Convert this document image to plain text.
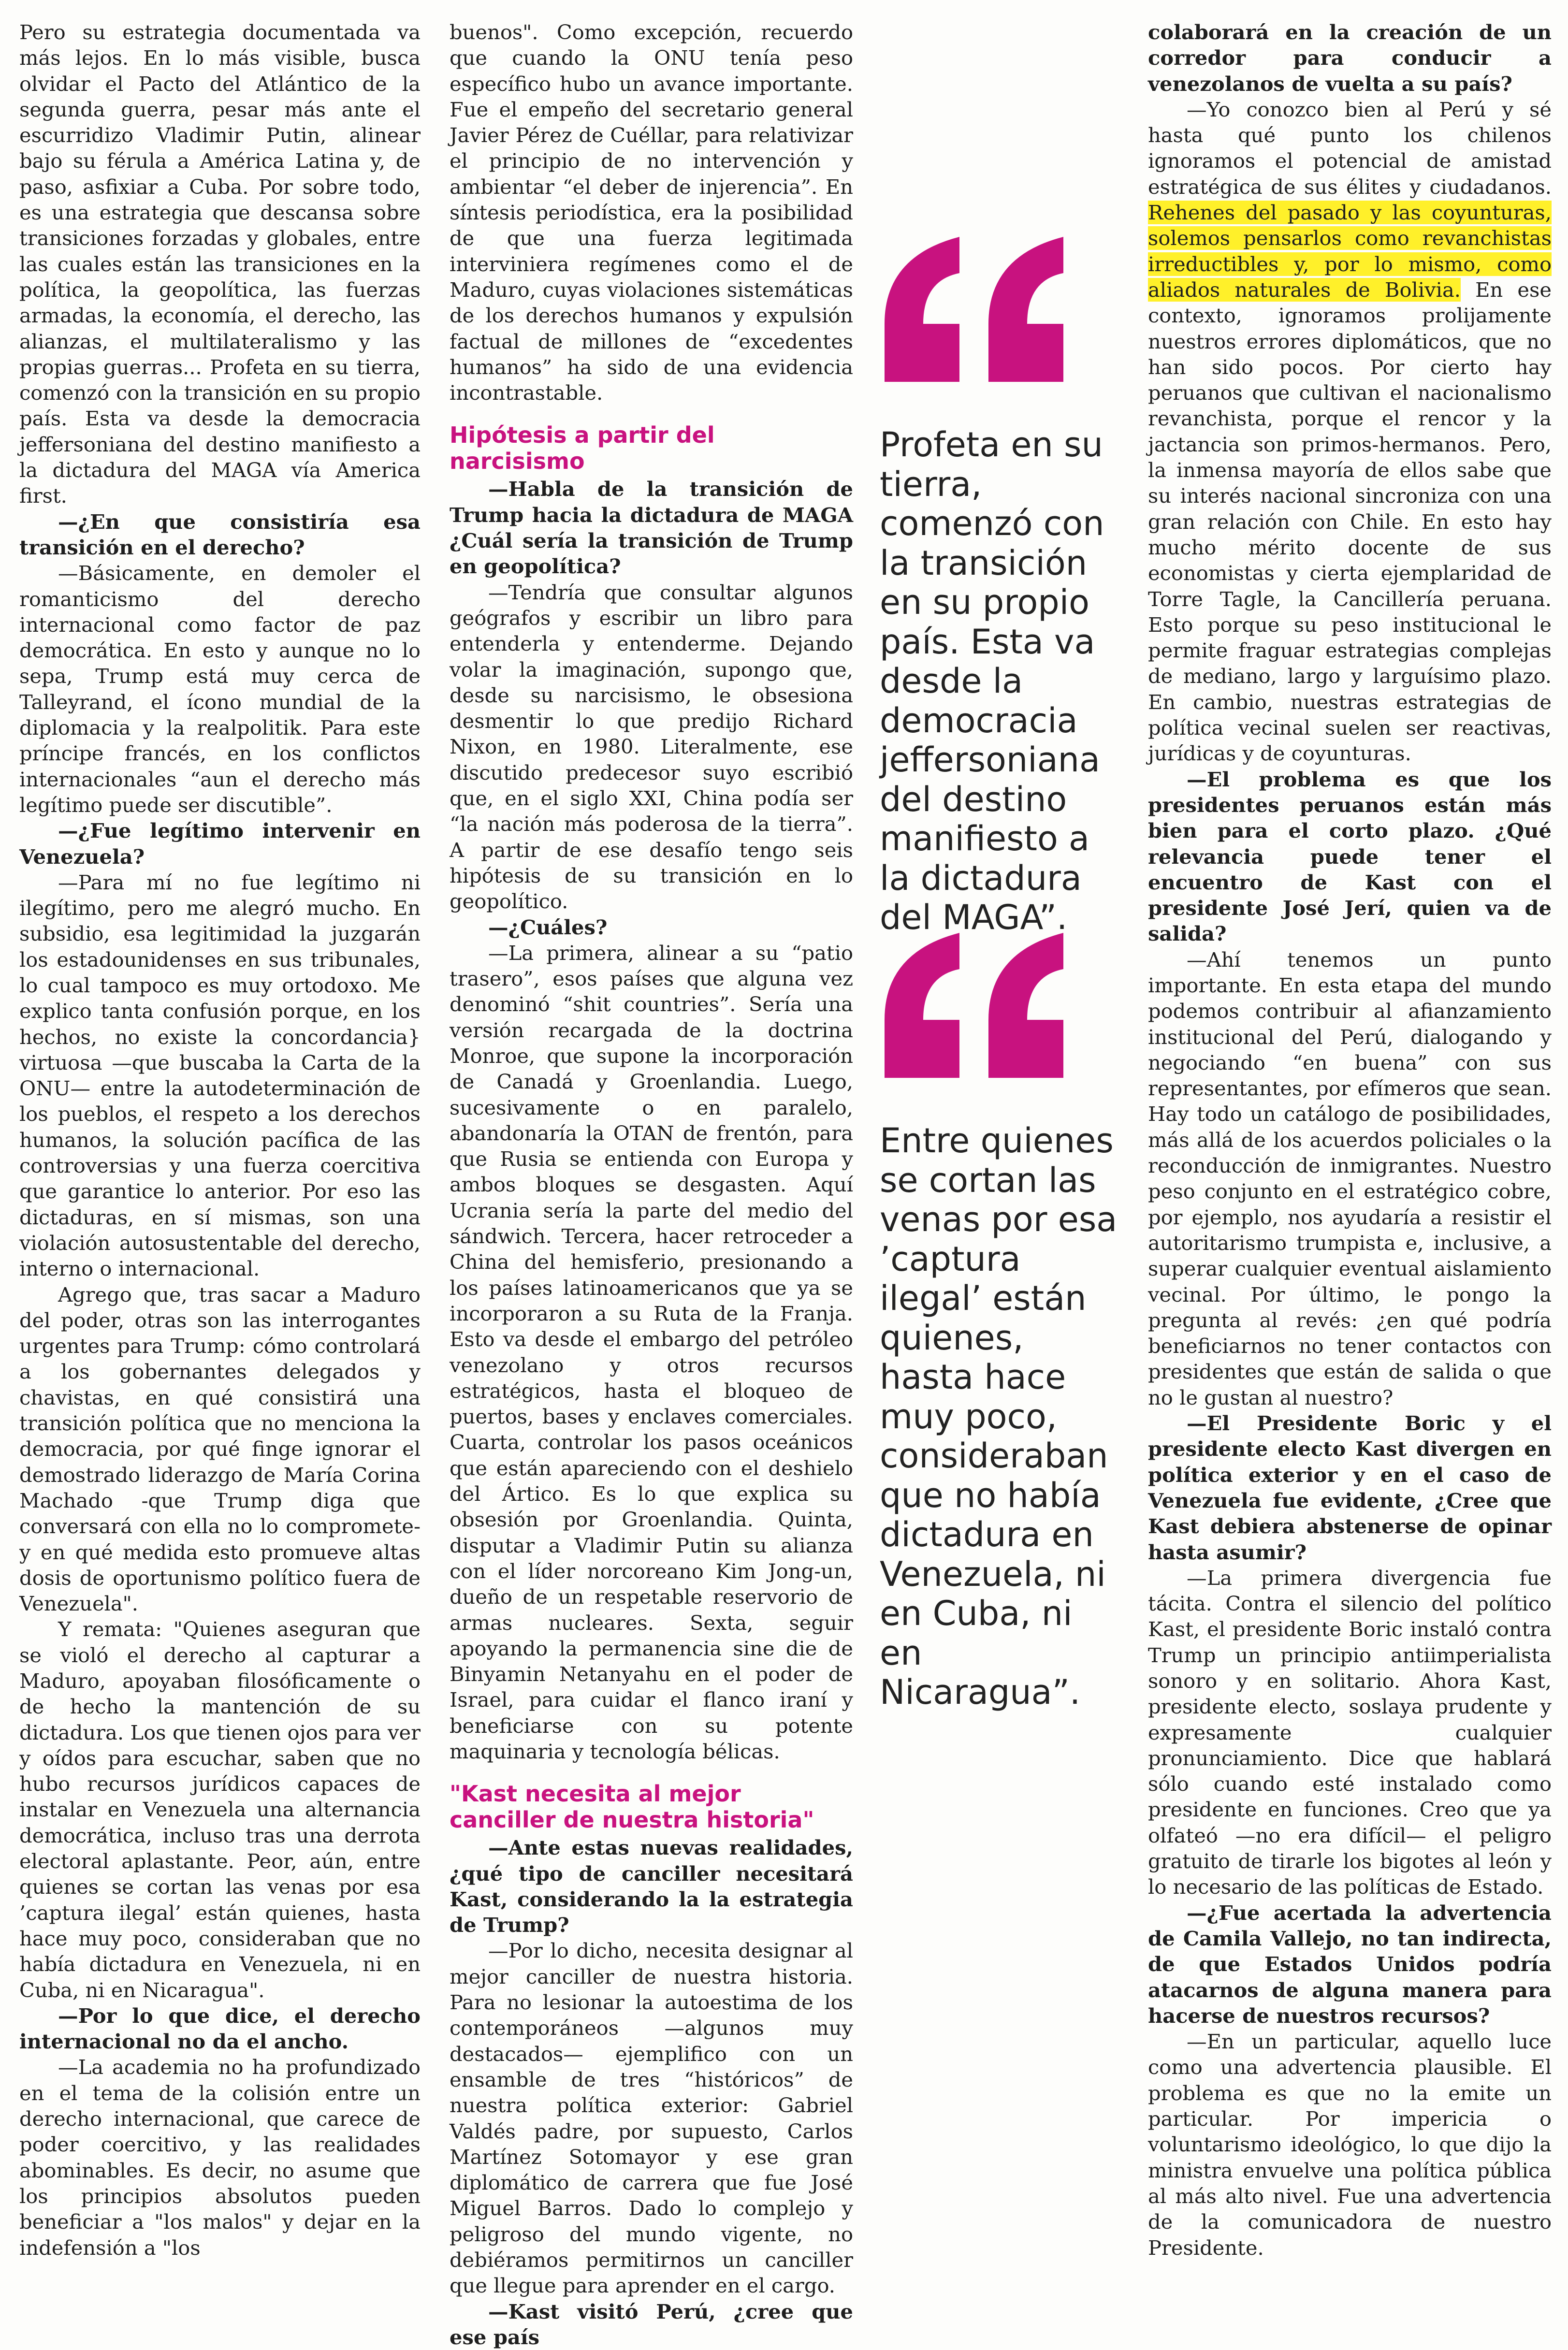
Pero su estrategia documentada va más lejos. En lo más visible, busca olvidar el Pacto del Atlántico de la segunda guerra, pesar más ante el escurridizo Vladimir Putin, alinear bajo su férula a América Latina y, de paso, asfixiar a Cuba. Por sobre todo, es una estrategia que descansa sobre transiciones forzadas y globales, entre las cuales están las transiciones en la política, la geopolítica, las fuerzas armadas, la economía, el derecho, las alianzas, el multilateralismo y las propias guerras... Profeta en su tierra, comenzó con la transición en su propio país. Esta va desde la democracia jeffersoniana del destino manifiesto a la dictadura del MAGA vía America first.

—¿En que consistiría esa transición en el derecho?

—Básicamente, en demoler el romanticismo del derecho internacional como factor de paz democrática. En esto y aunque no lo sepa, Trump está muy cerca de Talleyrand, el ícono mundial de la diplomacia y la realpolitik. Para este príncipe francés, en los conflictos internacionales “aun el derecho más legítimo puede ser discutible”.

—¿Fue legítimo intervenir en Venezuela?

—Para mí no fue legítimo ni ilegítimo, pero me alegró mucho. En subsidio, esa legitimidad la juzgarán los estadounidenses en sus tribunales, lo cual tampoco es muy ortodoxo. Me explico tanta confusión porque, en los hechos, no existe la concordancia} virtuosa —que buscaba la Carta de la ONU— entre la autodeterminación de los pueblos, el respeto a los derechos humanos, la solución pacífica de las controversias y una fuerza coercitiva que garantice lo anterior. Por eso las dictaduras, en sí mismas, son una violación autosustentable del derecho, interno o internacional.

Agrego que, tras sacar a Maduro del poder, otras son las interrogantes urgentes para Trump: cómo controlará a los gobernantes delegados y chavistas, en qué consistirá una transición política que no menciona la democracia, por qué finge ignorar el demostrado liderazgo de María Corina Machado -que Trump diga que conversará con ella no lo compromete- y en qué medida esto promueve altas dosis de oportunismo político fuera de Venezuela".

Y remata: "Quienes aseguran que se violó el derecho al capturar a Maduro, apoyaban filosóficamente o de hecho la mantención de su dictadura. Los que tienen ojos para ver y oídos para escuchar, saben que no hubo recursos jurídicos capaces de instalar en Venezuela una alternancia democrática, incluso tras una derrota electoral aplastante. Peor, aún, entre quienes se cortan las venas por esa ’captura ilegal’ están quienes, hasta hace muy poco, consideraban que no había dictadura en Venezuela, ni en Cuba, ni en Nicaragua".

—Por lo que dice, el derecho internacional no da el ancho.

—La academia no ha profundizado en el tema de la colisión entre un derecho internacional, que carece de poder coercitivo, y las realidades abominables. Es decir, no asume que los principios absolutos pueden beneficiar a "los malos" y dejar en la indefensión a "los

buenos". Como excepción, recuerdo que cuando la ONU tenía peso específico hubo un avance importante. Fue el empeño del secretario general Javier Pérez de Cuéllar, para relativizar el principio de no intervención y ambientar “el deber de injerencia”. En síntesis periodística, era la posibilidad de que una fuerza legitimada interviniera regímenes como el de Maduro, cuyas violaciones sistemáticas de los derechos humanos y expulsión factual de millones de “excedentes humanos” ha sido de una evidencia incontrastable.

Hipótesis a partir del narcisismo

—Habla de la transición de Trump hacia la dictadura de MAGA ¿Cuál sería la transición de Trump en geopolítica?

—Tendría que consultar algunos geógrafos y escribir un libro para entenderla y entenderme. Dejando volar la imaginación, supongo que, desde su narcisismo, le obsesiona desmentir lo que predijo Richard Nixon, en 1980. Literalmente, ese discutido predecesor suyo escribió que, en el siglo XXI, China podía ser “la nación más poderosa de la tierra”. A partir de ese desafío tengo seis hipótesis de su transición en lo geopolítico.

—¿Cuáles?

—La primera, alinear a su “patio trasero”, esos países que alguna vez denominó “shit countries”. Sería una versión recargada de la doctrina Monroe, que supone la incorporación de Canadá y Groenlandia. Luego, sucesivamente o en paralelo, abandonaría la OTAN de frentón, para que Rusia se entienda con Europa y ambos bloques se desgasten. Aquí Ucrania sería la parte del medio del sándwich. Tercera, hacer retroceder a China del hemisferio, presionando a los países latinoamericanos que ya se incorporaron a su Ruta de la Franja. Esto va desde el embargo del petróleo venezolano y otros recursos estratégicos, hasta el bloqueo de puertos, bases y enclaves comerciales. Cuarta, controlar los pasos oceánicos que están apareciendo con el deshielo del Ártico. Es lo que explica su obsesión por Groenlandia. Quinta, disputar a Vladimir Putin su alianza con el líder norcoreano Kim Jong-un, dueño de un respetable reservorio de armas nucleares. Sexta, seguir apoyando la permanencia sine die de Binyamin Netanyahu en el poder de Israel, para cuidar el flanco iraní y beneficiarse con su potente maquinaria y tecnología bélicas.

"Kast necesita al mejor canciller de nuestra historia"

—Ante estas nuevas realidades, ¿qué tipo de canciller necesitará Kast, considerando la la estrategia de Trump?

—Por lo dicho, necesita designar al mejor canciller de nuestra historia. Para no lesionar la autoestima de los contemporáneos —algunos muy destacados— ejemplifico con un ensamble de tres “históricos” de nuestra política exterior: Gabriel Valdés padre, por supuesto, Carlos Martínez Sotomayor y ese gran diplomático de carrera que fue José Miguel Barros. Dado lo complejo y peligroso del mundo vigente, no debiéramos permitirnos un canciller que llegue para aprender en el cargo.

—Kast visitó Perú, ¿cree que ese país

Profeta en su tierra, comenzó con la transición en su propio país. Esta va desde la democracia jeffersoniana del destino manifiesto a la dictadura del MAGA”.
Entre quienes se cortan las venas por esa ’captura ilegal’ están quienes, hasta hace muy poco, consideraban que no había dictadura en Venezuela, ni en Cuba, ni en Nicaragua”.

colaborará en la creación de un corredor para conducir a venezolanos de vuelta a su país?

—Yo conozco bien al Perú y sé hasta qué punto los chilenos ignoramos el potencial de amistad estratégica de sus élites y ciudadanos. Rehenes del pasado y las coyunturas, solemos pensarlos como revanchistas irreductibles y, por lo mismo, como aliados naturales de Bolivia. En ese contexto, ignoramos prolijamente nuestros errores diplomáticos, que no han sido pocos. Por cierto hay peruanos que cultivan el nacionalismo revanchista, porque el rencor y la jactancia son primos-hermanos. Pero, la inmensa mayoría de ellos sabe que su interés nacional sincroniza con una gran relación con Chile. En esto hay mucho mérito docente de sus economistas y cierta ejemplaridad de Torre Tagle, la Cancillería peruana. Esto porque su peso institucional le permite fraguar estrategias complejas de mediano, largo y larguísimo plazo. En cambio, nuestras estrategias de política vecinal suelen ser reactivas, jurídicas y de coyunturas.

—El problema es que los presidentes peruanos están más bien para el corto plazo. ¿Qué relevancia puede tener el encuentro de Kast con el presidente José Jerí, quien va de salida?

—Ahí tenemos un punto importante. En esta etapa del mundo podemos contribuir al afianzamiento institucional del Perú, dialogando y negociando “en buena” con sus representantes, por efímeros que sean. Hay todo un catálogo de posibilidades, más allá de los acuerdos policiales o la reconducción de inmigrantes. Nuestro peso conjunto en el estratégico cobre, por ejemplo, nos ayudaría a resistir el autoritarismo trumpista e, inclusive, a superar cualquier eventual aislamiento vecinal. Por último, le pongo la pregunta al revés: ¿en qué podría beneficiarnos no tener contactos con presidentes que están de salida o que no le gustan al nuestro?

—El Presidente Boric y el presidente electo Kast divergen en política exterior y en el caso de Venezuela fue evidente, ¿Cree que Kast debiera abstenerse de opinar hasta asumir?

—La primera divergencia fue tácita. Contra el silencio del político Kast, el presidente Boric instaló contra Trump un principio antiimperialista sonoro y en solitario. Ahora Kast, presidente electo, soslaya prudente y expresamente cualquier pronunciamiento. Dice que hablará sólo cuando esté instalado como presidente en funciones. Creo que ya olfateó —no era difícil— el peligro gratuito de tirarle los bigotes al león y lo necesario de las políticas de Estado.

—¿Fue acertada la advertencia de Camila Vallejo, no tan indirecta, de que Estados Unidos podría atacarnos de alguna manera para hacerse de nuestros recursos?

—En un particular, aquello luce como una advertencia plausible. El problema es que no la emite un particular. Por impericia o voluntarismo ideológico, lo que dijo la ministra envuelve una política pública al más alto nivel. Fue una advertencia de la comunicadora de nuestro Presidente.
